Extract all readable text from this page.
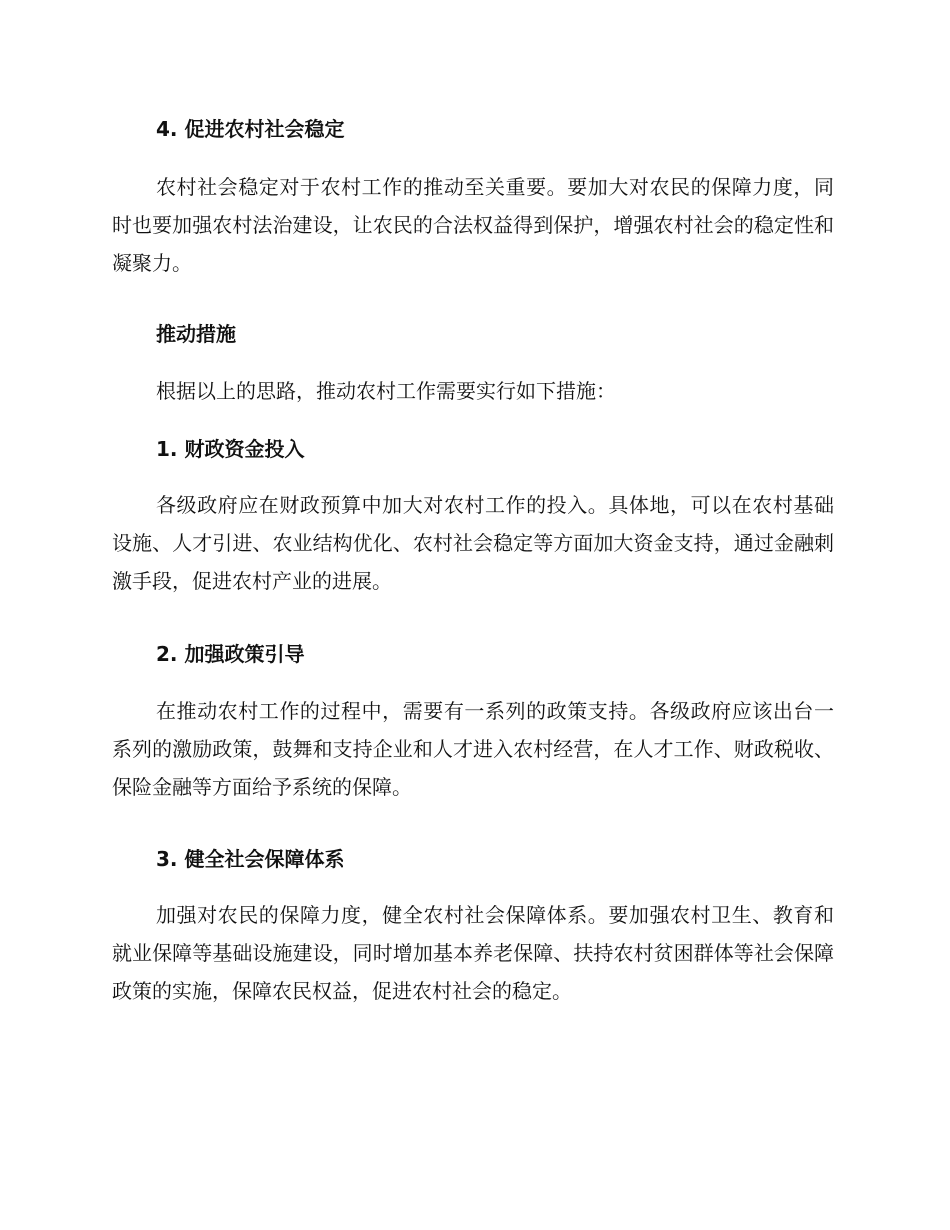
4. 促进农村社会稳定

农村社会稳定对于农村工作的推动至关重要。要加大对农民的保障力度，同时也要加强农村法治建设，让农民的合法权益得到保护，增强农村社会的稳定性和凝聚力。

推动措施

根据以上的思路，推动农村工作需要实行如下措施：

1. 财政资金投入

各级政府应在财政预算中加大对农村工作的投入。具体地，可以在农村基础设施、人才引进、农业结构优化、农村社会稳定等方面加大资金支持，通过金融刺激手段，促进农村产业的进展。

2. 加强政策引导

在推动农村工作的过程中，需要有一系列的政策支持。各级政府应该出台一系列的激励政策，鼓舞和支持企业和人才进入农村经营，在人才工作、财政税收、保险金融等方面给予系统的保障。

3. 健全社会保障体系

加强对农民的保障力度，健全农村社会保障体系。要加强农村卫生、教育和就业保障等基础设施建设，同时增加基本养老保障、扶持农村贫困群体等社会保障政策的实施，保障农民权益，促进农村社会的稳定。
